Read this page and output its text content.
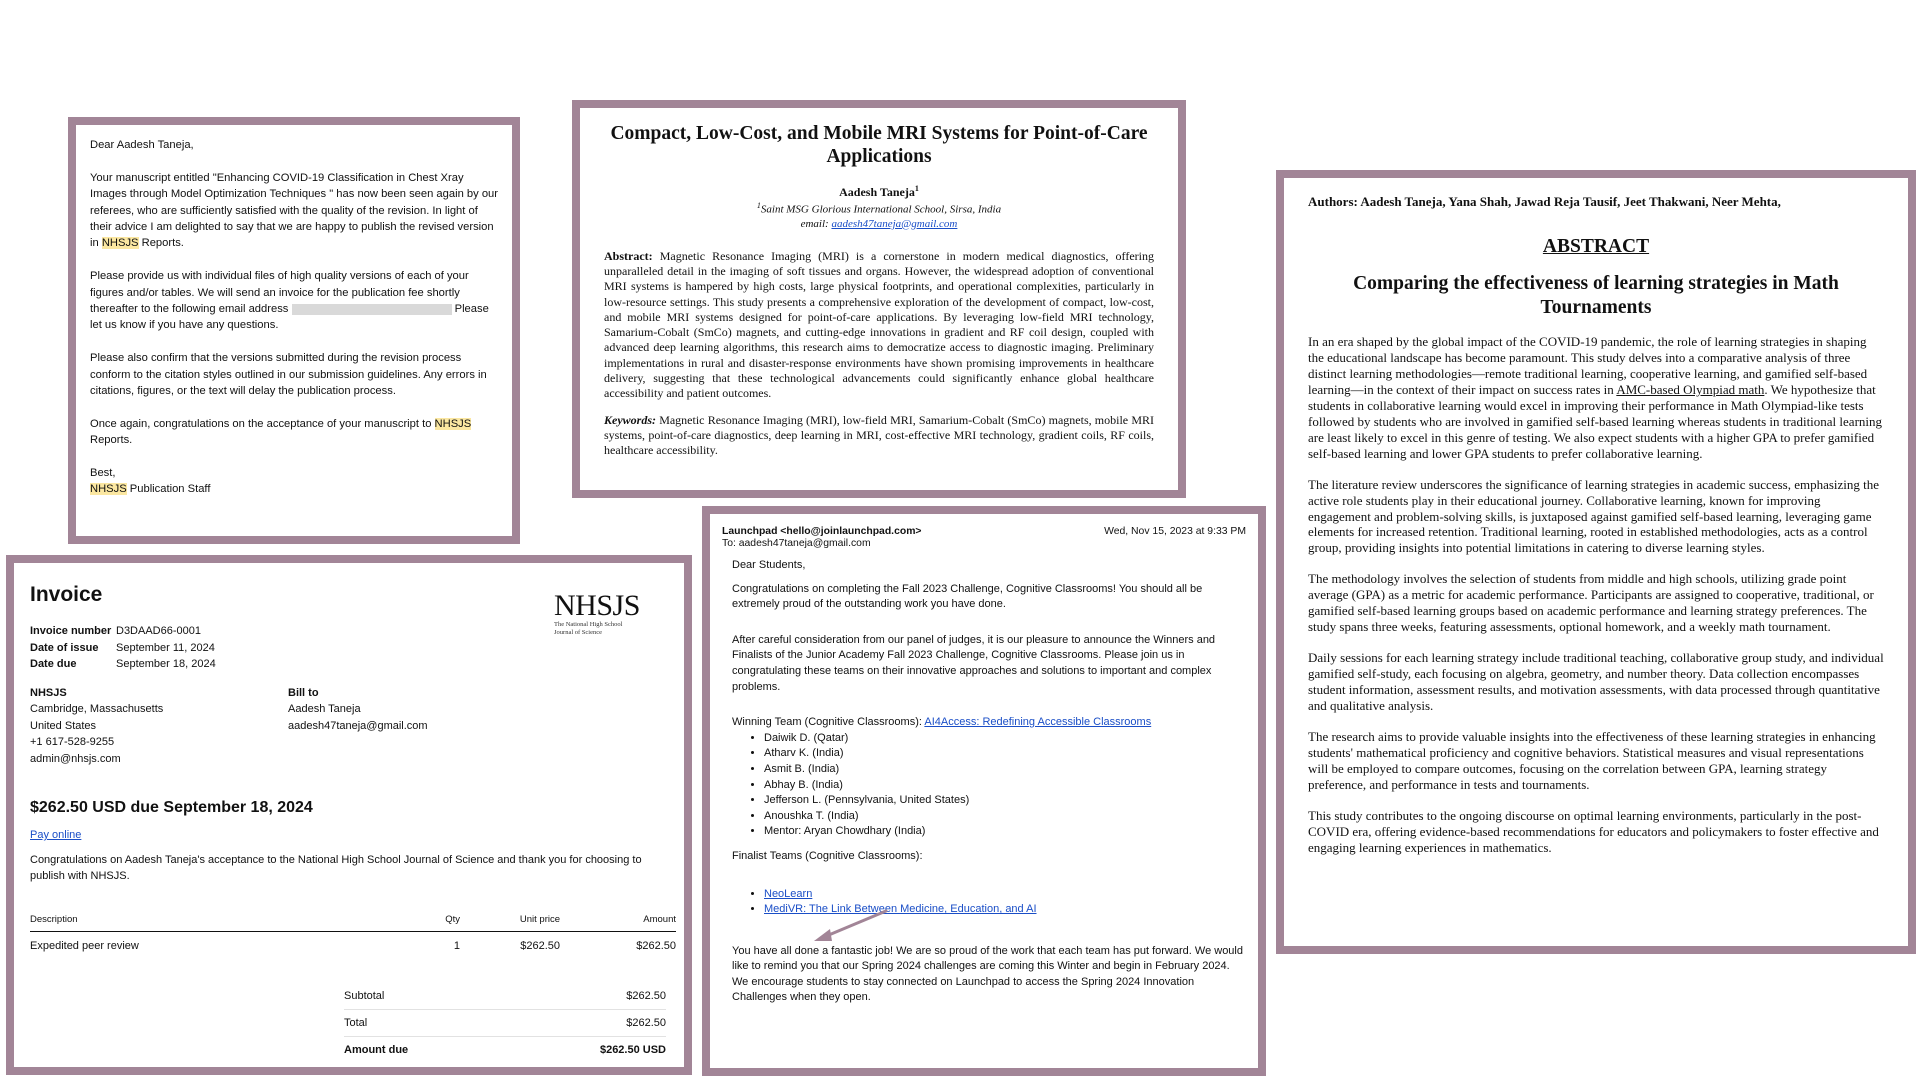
Dear Aadesh Taneja,

Your manuscript entitled "Enhancing COVID-19 Classification in Chest Xray Images through Model Optimization Techniques " has now been seen again by our referees, who are sufficiently satisfied with the quality of the revision. In light of their advice I am delighted to say that we are happy to publish the revised version in NHSJS Reports.

Please provide us with individual files of high quality versions of each of your figures and/or tables. We will send an invoice for the publication fee shortly thereafter to the following email address	Please let us know if you have any questions.

Please also confirm that the versions submitted during the revision process conform to the citation styles outlined in our submission guidelines. Any errors in citations, figures, or the text will delay the publication process.

Once again, congratulations on the acceptance of your manuscript to NHSJS Reports.

Best,
NHSJS Publication Staff

Compact, Low-Cost, and Mobile MRI Systems for Point-of-Care Applications
Aadesh Taneja$^1$
$^1$Saint MSG Glorious International School, Sirsa, India
email: aadesh47taneja@gmail.com

Abstract: Magnetic Resonance Imaging (MRI) is a cornerstone in modern medical diagnostics, offering unparalleled detail in the imaging of soft tissues and organs. However, the widespread adoption of conventional MRI systems is hampered by high costs, large physical footprints, and operational complexities, particularly in low-resource settings. This study presents a comprehensive exploration of the development of compact, low-cost, and mobile MRI systems designed for point-of-care applications. By leveraging low-field MRI technology, Samarium-Cobalt (SmCo) magnets, and cutting-edge innovations in gradient and RF coil design, coupled with advanced deep learning algorithms, this research aims to democratize access to diagnostic imaging. Preliminary implementations in rural and disaster-response environments have shown promising improvements in healthcare delivery, suggesting that these technological advancements could significantly enhance global healthcare accessibility and patient outcomes.

Keywords: Magnetic Resonance Imaging (MRI), low-field MRI, Samarium-Cobalt (SmCo) magnets, mobile MRI systems, point-of-care diagnostics, deep learning in MRI, cost-effective MRI technology, gradient coils, RF coils, healthcare accessibility.

Authors: Aadesh Taneja, Yana Shah, Jawad Reja Tausif, Jeet Thakwani, Neer Mehta,
ABSTRACT
Comparing the effectiveness of learning strategies in Math Tournaments

In an era shaped by the global impact of the COVID-19 pandemic, the role of learning strategies in shaping the educational landscape has become paramount. This study delves into a comparative analysis of three distinct learning methodologies—remote traditional learning, cooperative learning, and gamified self-based learning—in the context of their impact on success rates in AMC-based Olympiad math. We hypothesize that students in collaborative learning would excel in improving their performance in Math Olympiad-like tests followed by students who are involved in gamified self-based learning whereas students in traditional learning are least likely to excel in this genre of testing. We also expect students with a higher GPA to prefer gamified self-based learning and lower GPA students to prefer collaborative learning.

The literature review underscores the significance of learning strategies in academic success, emphasizing the active role students play in their educational journey. Collaborative learning, known for improving engagement and problem-solving skills, is juxtaposed against gamified self-based learning, leveraging game elements for increased retention. Traditional learning, rooted in established methodologies, acts as a control group, providing insights into potential limitations in catering to diverse learning styles.

The methodology involves the selection of students from middle and high schools, utilizing grade point average (GPA) as a metric for academic performance. Participants are assigned to cooperative, traditional, or gamified self-based learning groups based on academic performance and learning strategy preferences. The study spans three weeks, featuring assessments, optional homework, and a weekly math tournament.

Daily sessions for each learning strategy include traditional teaching, collaborative group study, and individual gamified self-study, each focusing on algebra, geometry, and number theory. Data collection encompasses student information, assessment results, and motivation assessments, with data processed through quantitative and qualitative analysis.

The research aims to provide valuable insights into the effectiveness of these learning strategies in enhancing students' mathematical proficiency and cognitive behaviors. Statistical measures and visual representations will be employed to compare outcomes, focusing on the correlation between GPA, learning strategy preference, and performance in tests and tournaments.

This study contributes to the ongoing discourse on optimal learning environments, particularly in the post-COVID era, offering evidence-based recommendations for educators and policymakers to foster effective and engaging learning experiences in mathematics.

Invoice	NHSJS
The National High School Journal of Science
Invoice number D3DAAD66-0001
Date of issue September 11, 2024
Date due	September 18, 2024
NHSJS
Cambridge, Massachusetts
United States
+1 617-528-9255
admin@nhsjs.com
Bill to
Aadesh Taneja
aadesh47taneja@gmail.com
$262.50 USD due September 18, 2024
Pay online
Congratulations on Aadesh Taneja's acceptance to the National High School Journal of Science and thank you for choosing to publish with NHSJS.
Description	Qty	Unit price	Amount
Expedited peer review	1	$262.50	$262.50
Subtotal	$262.50
Total	$262.50
Amount due	$262.50 USD
Launchpad <hello@joinlaunchpad.com>	Wed, Nov 15, 2023 at 9:33 PM
To: aadesh47taneja@gmail.com

Dear Students,

Congratulations on completing the Fall 2023 Challenge, Cognitive Classrooms! You should all be extremely proud of the outstanding work you have done.

After careful consideration from our panel of judges, it is our pleasure to announce the Winners and Finalists of the Junior Academy Fall 2023 Challenge, Cognitive Classrooms. Please join us in congratulating these teams on their innovative approaches and solutions to important and complex problems.

Winning Team (Cognitive Classrooms): AI4Access: Redefining Accessible Classrooms
• Daiwik D. (Qatar)
• Atharv K. (India)
• Asmit B. (India)
• Abhay B. (India)
• Jefferson L. (Pennsylvania, United States)
• Anoushka T. (India)
• Mentor: Aryan Chowdhary (India)
Finalist Teams (Cognitive Classrooms):
• NeoLearn
• MediVR: The Link Between Medicine, Education, and AI

You have all done a fantastic job! We are so proud of the work that each team has put forward. We would like to remind you that our Spring 2024 challenges are coming this Winter and begin in February 2024. We encourage students to stay connected on Launchpad to access the Spring 2024 Innovation Challenges when they open.
